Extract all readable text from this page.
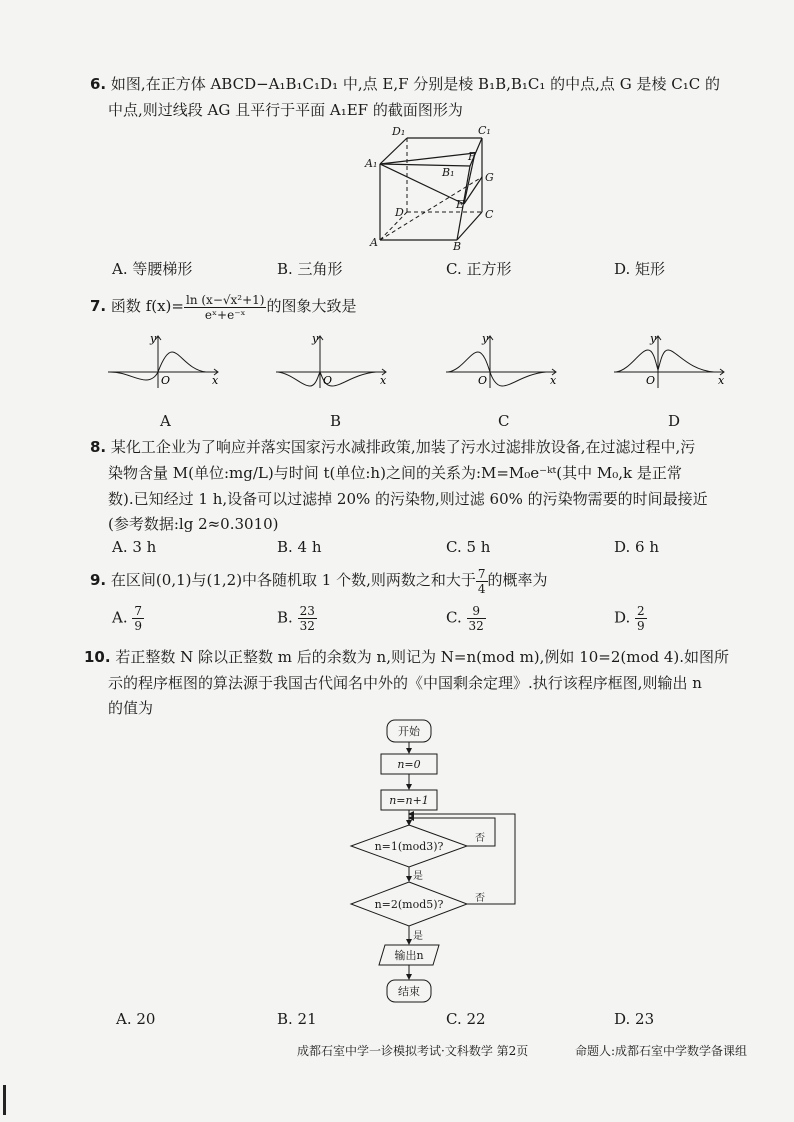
6. 如图,在正方体 ABCD−A₁B₁C₁D₁ 中,点 E,F 分别是棱 B₁B,B₁C₁ 的中点,点 G 是棱 C₁C 的
中点,则过线段 AG 且平行于平面 A₁EF 的截面图形为
D₁	C₁
A₁
B₁
F
G
D
E
C
A	B
A. 等腰梯形	B. 三角形	C. 正方形	D. 矩形
7. 函数 $f(x)= \frac{\text{ln (x−√x²+1)}}{\text{eˣ+e⁻ˣ}}$ 的图象大致是
y
x
O
y
x
O
y
x
O
y
x
O
A	B	C	D
8. 某化工企业为了响应并落实国家污水减排政策,加装了污水过滤排放设备,在过滤过程中,污
染物含量 M(单位:mg/L)与时间 t(单位:h)之间的关系为:M=M₀e⁻ᵏᵗ(其中 M₀,k 是正常
数).已知经过 1 h,设备可以过滤掉 20% 的污染物,则过滤 60% 的污染物需要的时间最接近
(参考数据:lg 2≈0.3010)
A. 3 h	B. 4 h	C. 5 h	D. 6 h
9. 在区间(0,1)与(1,2)中各随机取 1 个数,则两数之和大于 $\frac{7}{4}$ 的概率为
A. $\frac{7}{9}$	B. $\frac{23}{32}$	C. $\frac{9}{32}$	D. $\frac{2}{9}$
10. 若正整数 N 除以正整数 m 后的余数为 n,则记为 N=n(mod m),例如 10=2(mod 4).如图所
示的程序框图的算法源于我国古代闻名中外的《中国剩余定理》.执行该程序框图,则输出 n
的值为
开始
n=0
n=n+1
n=1(mod3)?
n=2(mod5)?
输出n
结束
否
否
是
是
A. 20	B. 21	C. 22	D. 23
成都石室中学一诊模拟考试·文科数学 第2页	命题人:成都石室中学数学备课组
